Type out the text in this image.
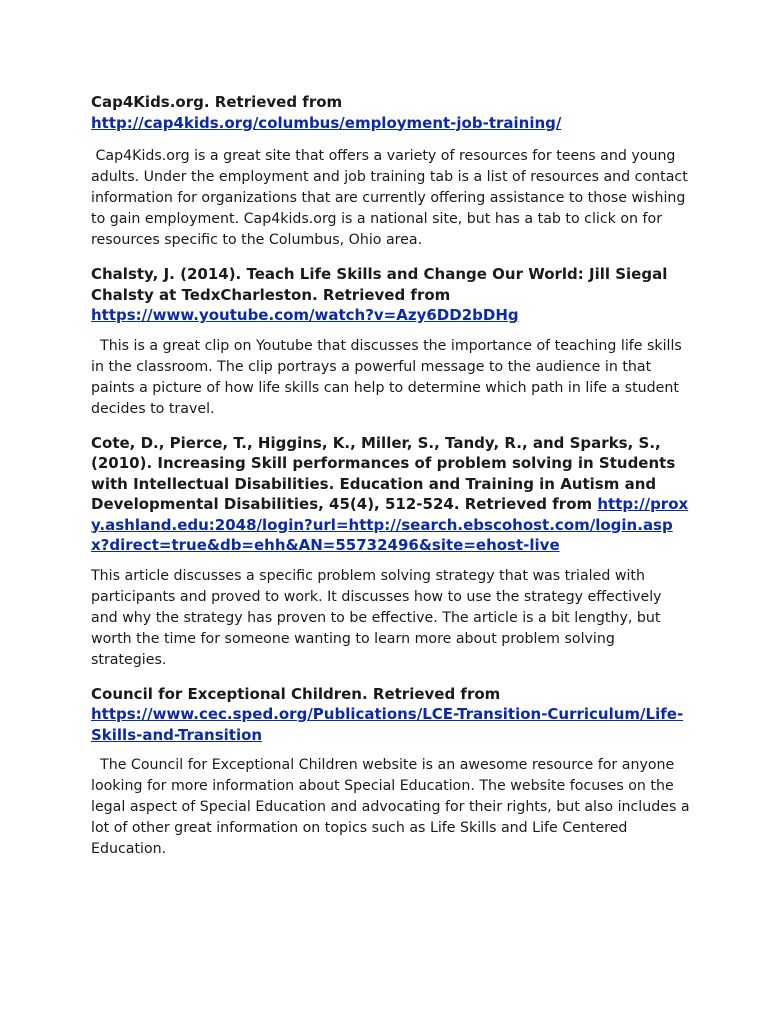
Cap4Kids.org. Retrieved from
http://cap4kids.org/columbus/employment-job-training/

Cap4Kids.org is a great site that offers a variety of resources for teens and young adults. Under the employment and job training tab is a list of resources and contact information for organizations that are currently offering assistance to those wishing to gain employment. Cap4kids.org is a national site, but has a tab to click on for resources specific to the Columbus, Ohio area.

Chalsty, J. (2014). Teach Life Skills and Change Our World: Jill Siegal Chalsty at TedxCharleston. Retrieved from https://www.youtube.com/watch?v=Azy6DD2bDHg

This is a great clip on Youtube that discusses the importance of teaching life skills in the classroom. The clip portrays a powerful message to the audience in that paints a picture of how life skills can help to determine which path in life a student decides to travel.

Cote, D., Pierce, T., Higgins, K., Miller, S., Tandy, R., and Sparks, S., (2010). Increasing Skill performances of problem solving in Students with Intellectual Disabilities. Education and Training in Autism and Developmental Disabilities, 45(4), 512-524. Retrieved from http://proxy.ashland.edu:2048/login?url=http://search.ebscohost.com/login.aspx?direct=true&db=ehh&AN=55732496&site=ehost-live

This article discusses a specific problem solving strategy that was trialed with participants and proved to work. It discusses how to use the strategy effectively and why the strategy has proven to be effective. The article is a bit lengthy, but worth the time for someone wanting to learn more about problem solving strategies.

Council for Exceptional Children. Retrieved from
https://www.cec.sped.org/Publications/LCE-Transition-Curriculum/Life-Skills-and-Transition

The Council for Exceptional Children website is an awesome resource for anyone looking for more information about Special Education. The website focuses on the legal aspect of Special Education and advocating for their rights, but also includes a lot of other great information on topics such as Life Skills and Life Centered Education.
